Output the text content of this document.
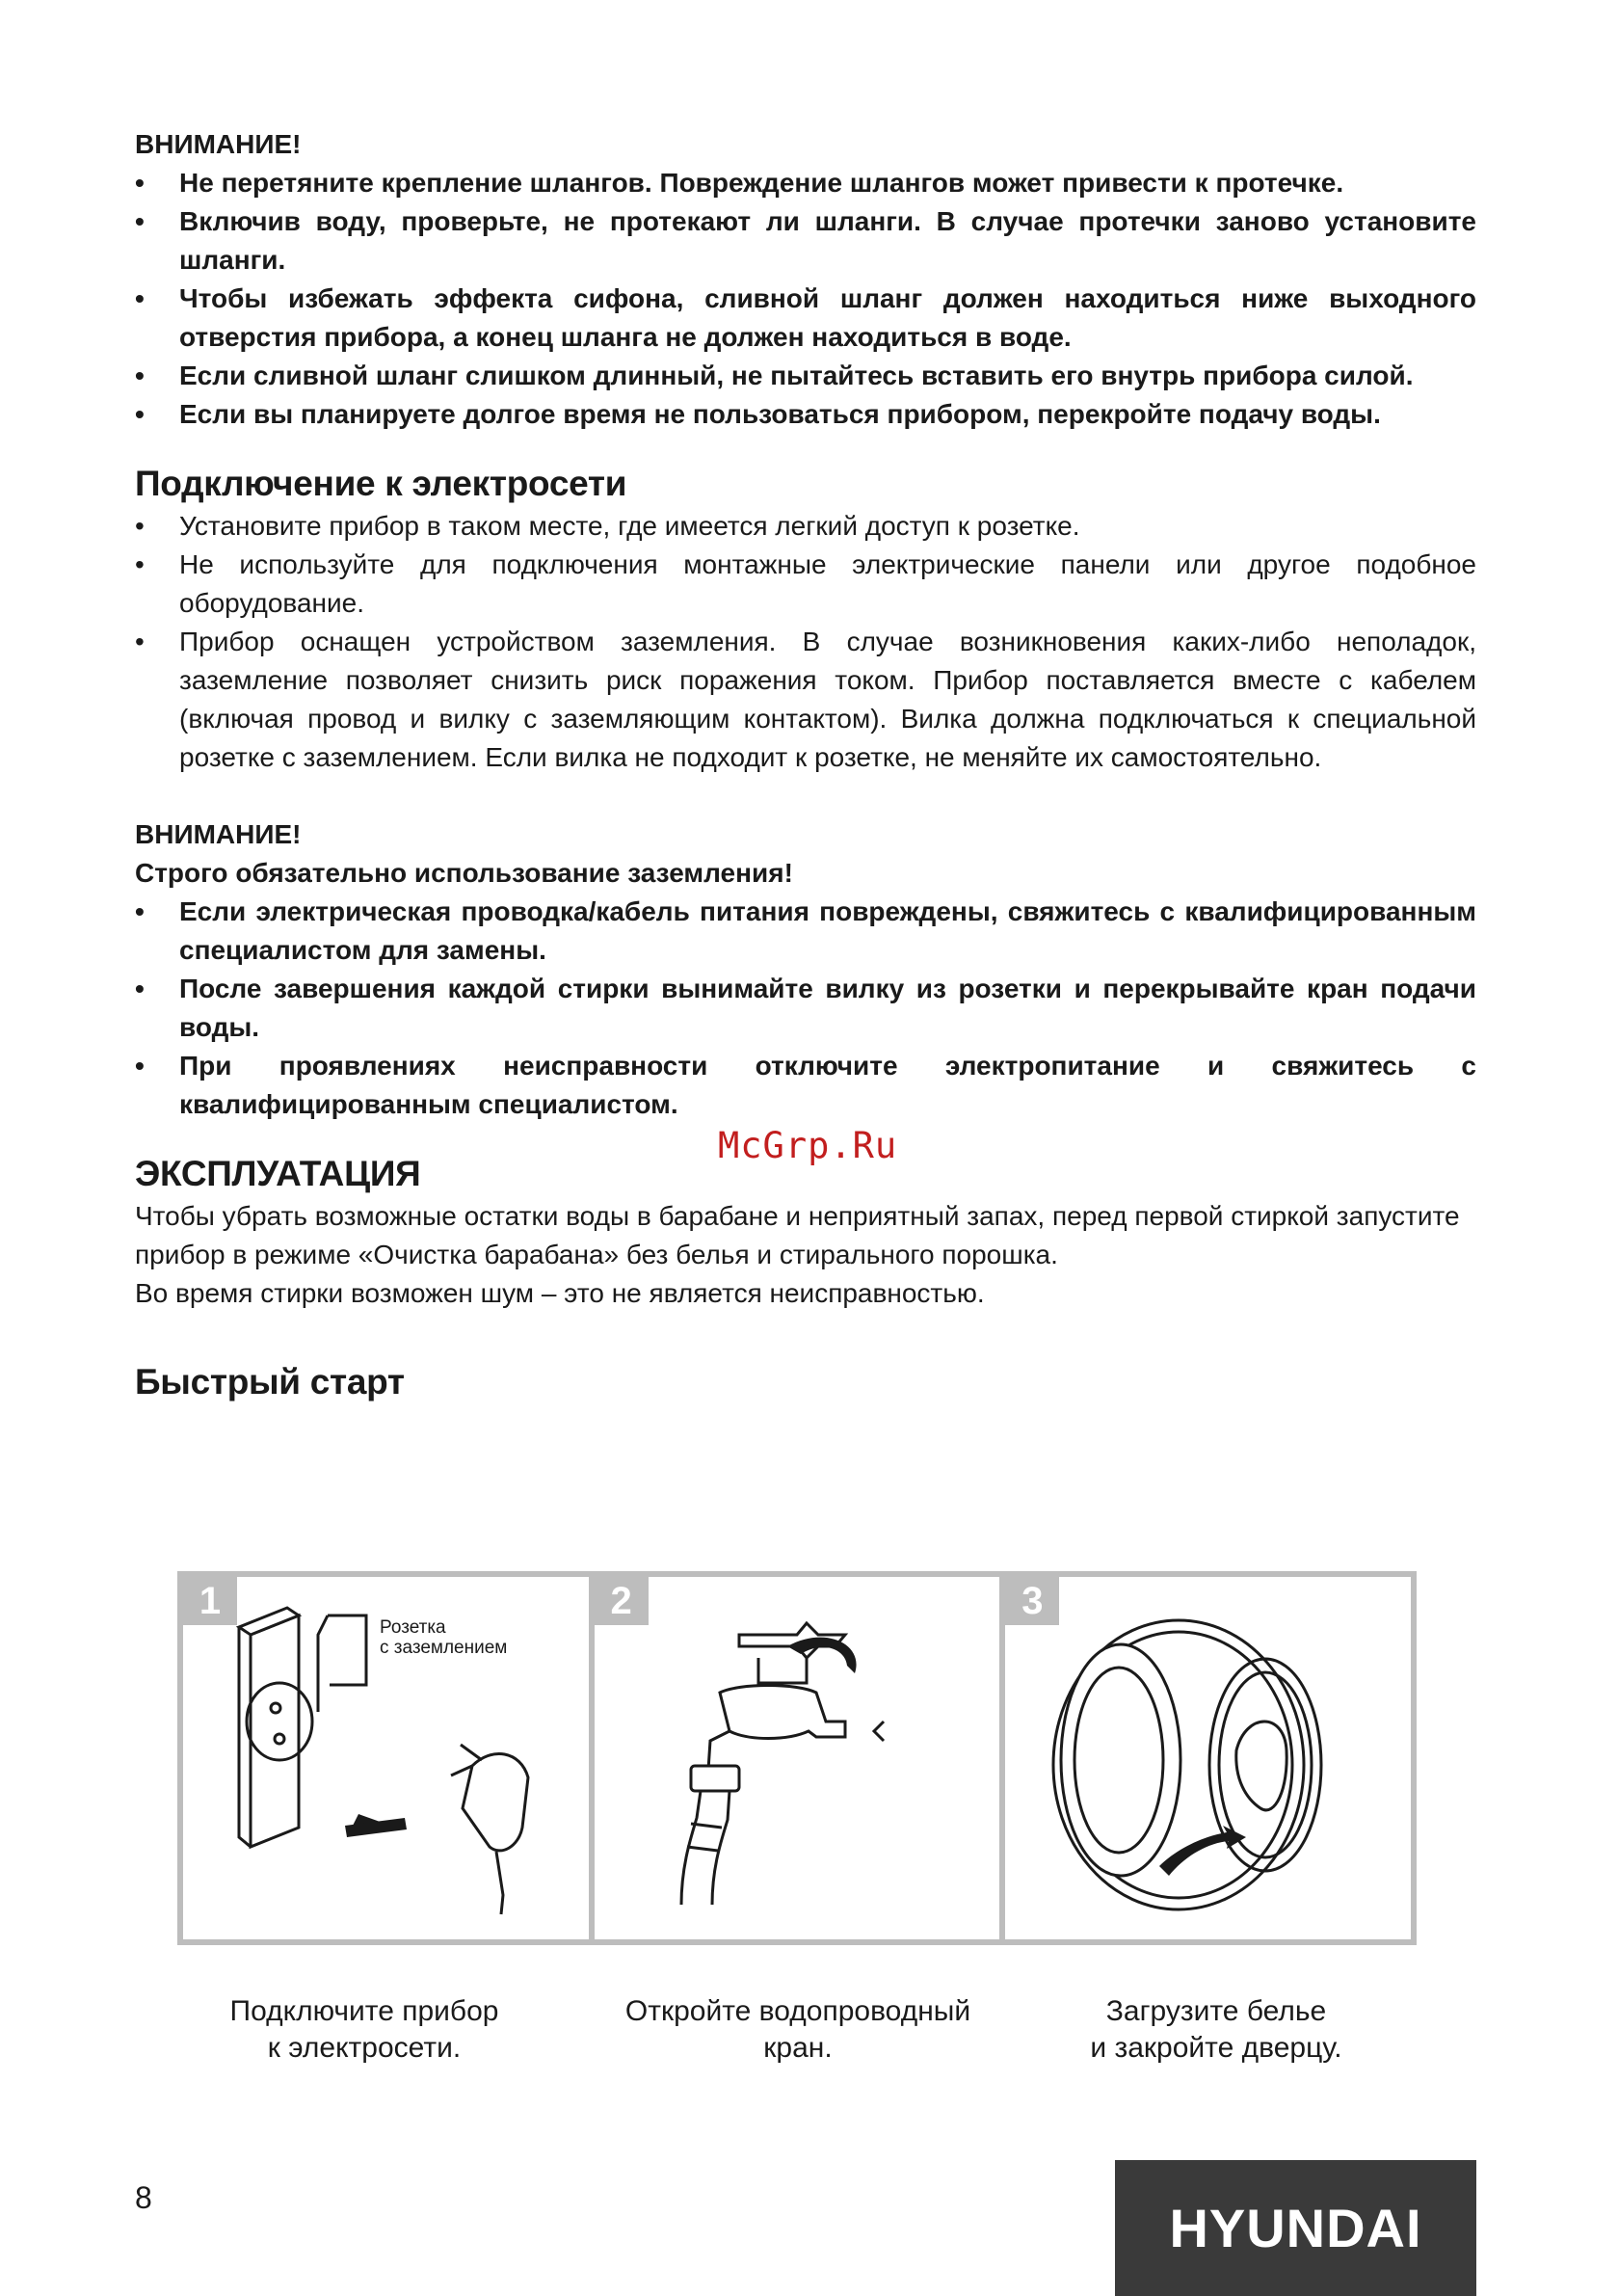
ВНИМАНИЕ!

• Не перетяните крепление шлангов. Повреждение шлангов может привести к протечке.
• Включив воду, проверьте, не протекают ли шланги. В случае протечки заново установите шланги.
• Чтобы избежать эффекта сифона, сливной шланг должен находиться ниже выходного отверстия прибора, а конец шланга не должен находиться в воде.
• Если сливной шланг слишком длинный, не пытайтесь вставить его внутрь прибора силой.
• Если вы планируете долгое время не пользоваться прибором, перекройте подачу воды.
Подключение к электросети
• Установите прибор в таком месте, где имеется легкий доступ к розетке.
• Не используйте для подключения монтажные электрические панели или другое подобное оборудование.
• Прибор оснащен устройством заземления. В случае возникновения каких-либо неполадок, заземление позволяет снизить риск поражения током. Прибор поставляется вместе с кабелем (включая провод и вилку с заземляющим контактом). Вилка должна подключаться к специальной розетке с заземлением. Если вилка не подходит к розетке, не меняйте их самостоятельно.

ВНИМАНИЕ!

Строго обязательно использование заземления!

• Если электрическая проводка/кабель питания повреждены, свяжитесь с квалифицированным специалистом для замены.
• После завершения каждой стирки вынимайте вилку из розетки и перекрывайте кран подачи воды.
• При проявлениях неисправности отключите электропитание и свяжитесь с квалифицированным специалистом.
ЭКСПЛУАТАЦИЯ

Чтобы убрать возможные остатки воды в барабане и неприятный запах, перед первой стиркой запустите прибор в режиме «Очистка барабана» без белья и стирального порошка.

Во время стирки возможен шум – это не является неисправностью.

Быстрый старт
McGrp.Ru
1
Розетка
с заземлением
2	3
Подключите прибор
к электросети.
Откройте водопроводный
кран.
Загрузите белье
и закройте дверцу.
8	HYUNDAI
